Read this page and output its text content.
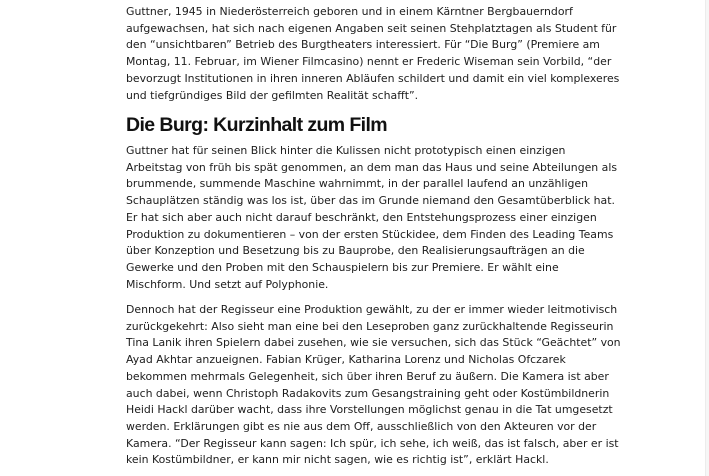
Guttner, 1945 in Niederösterreich geboren und in einem Kärntner Bergbauerndorf
aufgewachsen, hat sich nach eigenen Angaben seit seinen Stehplatztagen als Student für
den “unsichtbaren” Betrieb des Burgtheaters interessiert. Für “Die Burg” (Premiere am
Montag, 11. Februar, im Wiener Filmcasino) nennt er Frederic Wiseman sein Vorbild, “der
bevorzugt Institutionen in ihren inneren Abläufen schildert und damit ein viel komplexeres
und tiefgründiges Bild der gefilmten Realität schafft”.

Die Burg: Kurzinhalt zum Film

Guttner hat für seinen Blick hinter die Kulissen nicht prototypisch einen einzigen
Arbeitstag von früh bis spät genommen, an dem man das Haus und seine Abteilungen als
brummende, summende Maschine wahrnimmt, in der parallel laufend an unzähligen
Schauplätzen ständig was los ist, über das im Grunde niemand den Gesamtüberblick hat.
Er hat sich aber auch nicht darauf beschränkt, den Entstehungsprozess einer einzigen
Produktion zu dokumentieren – von der ersten Stückidee, dem Finden des Leading Teams
über Konzeption und Besetzung bis zu Bauprobe, den Realisierungsaufträgen an die
Gewerke und den Proben mit den Schauspielern bis zur Premiere. Er wählt eine
Mischform. Und setzt auf Polyphonie.

Dennoch hat der Regisseur eine Produktion gewählt, zu der er immer wieder leitmotivisch
zurückgekehrt: Also sieht man eine bei den Leseproben ganz zurückhaltende Regisseurin
Tina Lanik ihren Spielern dabei zusehen, wie sie versuchen, sich das Stück “Geächtet” von
Ayad Akhtar anzueignen. Fabian Krüger, Katharina Lorenz und Nicholas Ofczarek
bekommen mehrmals Gelegenheit, sich über ihren Beruf zu äußern. Die Kamera ist aber
auch dabei, wenn Christoph Radakovits zum Gesangstraining geht oder Kostümbildnerin
Heidi Hackl darüber wacht, dass ihre Vorstellungen möglichst genau in die Tat umgesetzt
werden. Erklärungen gibt es nie aus dem Off, ausschließlich von den Akteuren vor der
Kamera. “Der Regisseur kann sagen: Ich spür, ich sehe, ich weiß, das ist falsch, aber er ist
kein Kostümbildner, er kann mir nicht sagen, wie es richtig ist”, erklärt Hackl.
